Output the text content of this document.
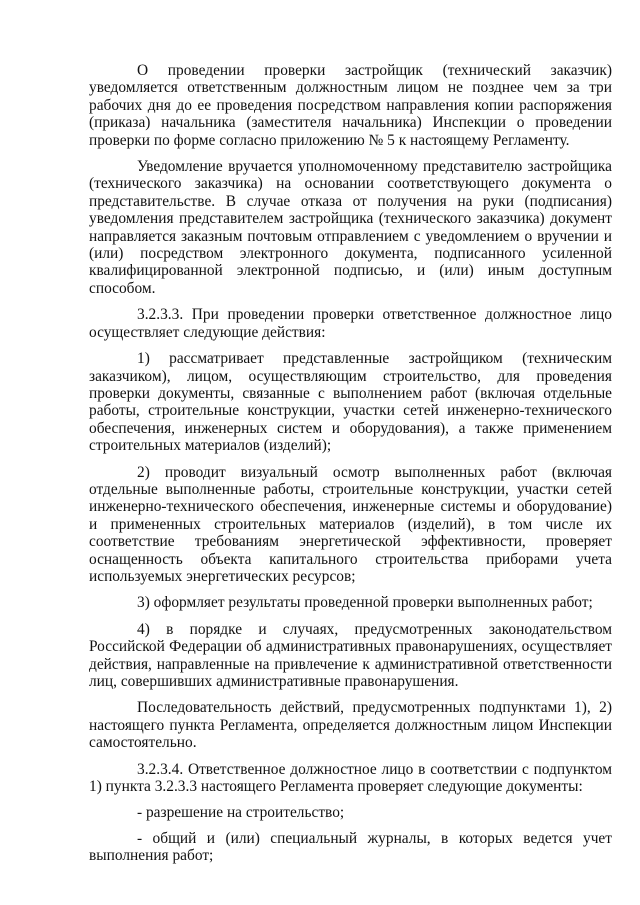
О проведении проверки застройщик (технический заказчик) уведомляется ответственным должностным лицом не позднее чем за три рабочих дня до ее проведения посредством направления копии распоряжения (приказа) начальника (заместителя начальника) Инспекции о проведении проверки по форме согласно приложению № 5 к настоящему Регламенту.

Уведомление вручается уполномоченному представителю застройщика (технического заказчика) на основании соответствующего документа о представительстве. В случае отказа от получения на руки (подписания) уведомления представителем застройщика (технического заказчика) документ направляется заказным почтовым отправлением с уведомлением о вручении и (или) посредством электронного документа, подписанного усиленной квалифицированной электронной подписью, и (или) иным доступным способом.

3.2.3.3. При проведении проверки ответственное должностное лицо осуществляет следующие действия:

1) рассматривает представленные застройщиком (техническим заказчиком), лицом, осуществляющим строительство, для проведения проверки документы, связанные с выполнением работ (включая отдельные работы, строительные конструкции, участки сетей инженерно-технического обеспечения, инженерных систем и оборудования), а также применением строительных материалов (изделий);

2) проводит визуальный осмотр выполненных работ (включая отдельные выполненные работы, строительные конструкции, участки сетей инженерно-технического обеспечения, инженерные системы и оборудование) и примененных строительных материалов (изделий), в том числе их соответствие требованиям энергетической эффективности, проверяет оснащенность объекта капитального строительства приборами учета используемых энергетических ресурсов;

3) оформляет результаты проведенной проверки выполненных работ;

4) в порядке и случаях, предусмотренных законодательством Российской Федерации об административных правонарушениях, осуществляет действия, направленные на привлечение к административной ответственности лиц, совершивших административные правонарушения.

Последовательность действий, предусмотренных подпунктами 1), 2) настоящего пункта Регламента, определяется должностным лицом Инспекции самостоятельно.

3.2.3.4. Ответственное должностное лицо в соответствии с подпунктом 1) пункта 3.2.3.3 настоящего Регламента проверяет следующие документы:

- разрешение на строительство;

- общий и (или) специальный журналы, в которых ведется учет выполнения работ;
